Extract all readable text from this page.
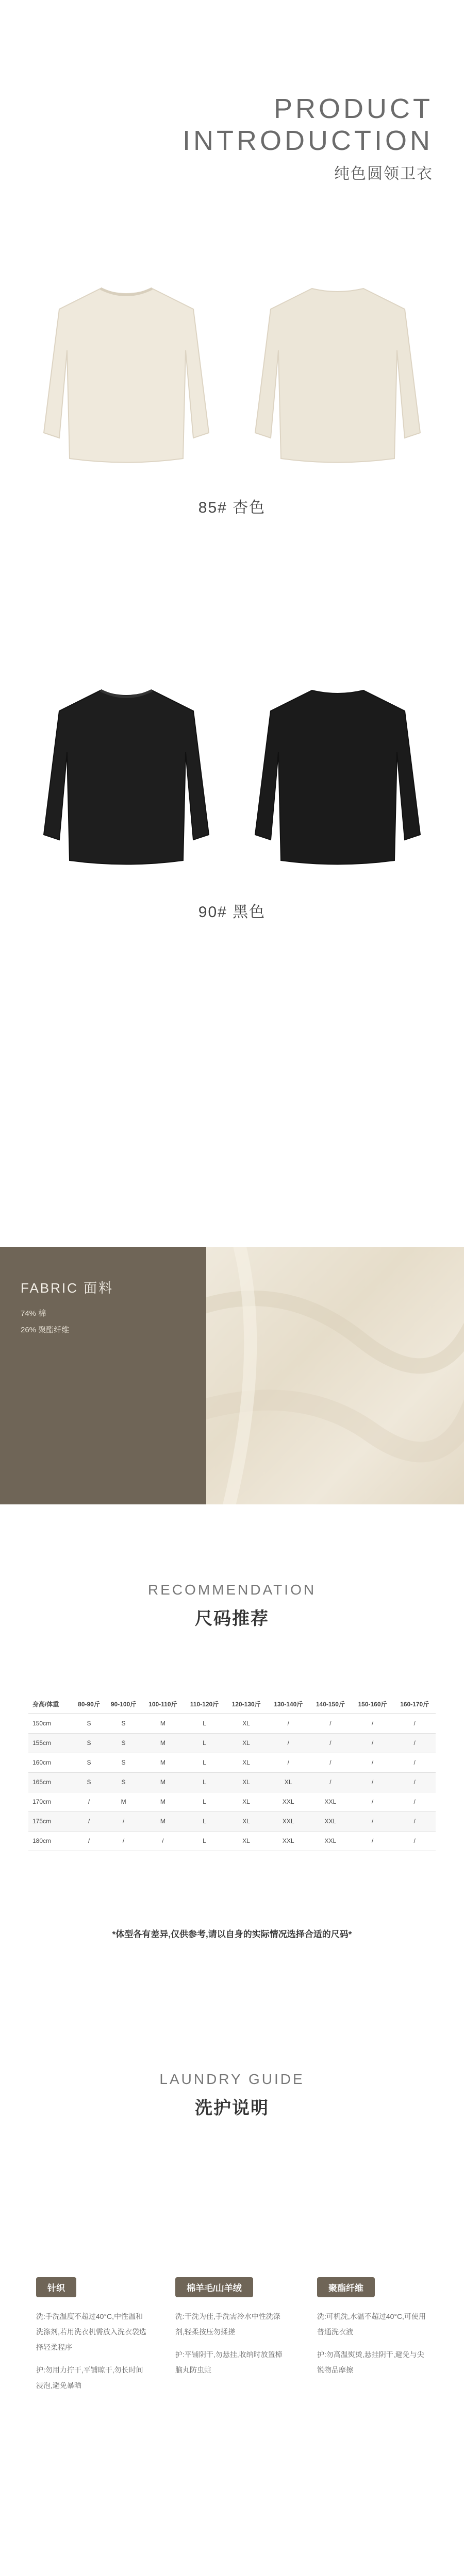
PRODUCT
INTRODUCTION
纯色圆领卫衣
85# 杏色
90# 黑色
FABRIC 面料
74% 棉
26% 聚酯纤维
RECOMMENDATION
尺码推荐
身高/体重	80-90斤	90-100斤	100-110斤	110-120斤	120-130斤	130-140斤	140-150斤	150-160斤	160-170斤
150cm	S	S	M	L	XL	/	/	/	/
155cm	S	S	M	L	XL	/	/	/	/
160cm	S	S	M	L	XL	/	/	/	/
165cm	S	S	M	L	XL	XL	/	/	/
170cm	/	M	M	L	XL	XXL	XXL	/	/
175cm	/	/	M	L	XL	XXL	XXL	/	/
180cm	/	/	/	L	XL	XXL	XXL	/	/
*体型各有差异,仅供参考,请以自身的实际情况选择合适的尺码*
LAUNDRY GUIDE
洗护说明
针织

洗:手洗温度不超过40°C,中性温和洗涤剂,若用洗衣机需放入洗衣袋选择轻柔程序

护:勿用力拧干,平铺晾干,勿长时间浸泡,避免暴晒

棉羊毛/山羊绒

洗:干洗为佳,手洗需冷水中性洗涤剂,轻柔按压勿揉搓

护:平铺阴干,勿悬挂,收纳时放置樟脑丸防虫蛀

聚酯纤维

洗:可机洗,水温不超过40°C,可使用普通洗衣液

护:勿高温熨烫,悬挂阴干,避免与尖锐物品摩擦
